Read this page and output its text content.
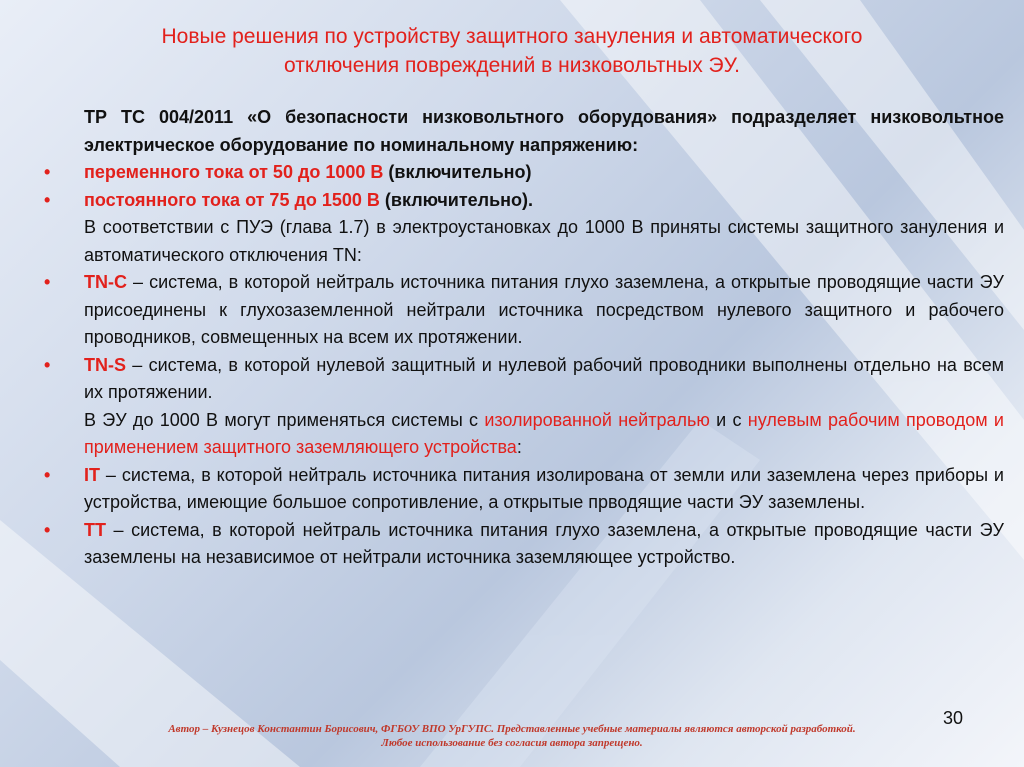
Новые решения по устройству защитного зануления и автоматического
отключения повреждений в низковольтных ЭУ.

ТР ТС 004/2011 «О безопасности низковольтного оборудования» подразделяет низковольтное электрическое оборудование по номинальному напряжению:

•	переменного тока от 50 до 1000 В (включительно)
•	постоянного тока от 75 до 1500 В (включительно).

В соответствии с ПУЭ (глава 1.7) в электроустановках до 1000 В приняты системы защитного зануления и автоматического отключения TN:

•	TN-C – система, в которой нейтраль источника питания глухо заземлена, а открытые проводящие части ЭУ присоединены к глухозаземленной нейтрали источника посредством нулевого защитного и рабочего проводников, совмещенных на всем их протяжении.
•	TN-S – система, в которой нулевой защитный и нулевой рабочий проводники выполнены отдельно на всем их протяжении.

В ЭУ до 1000 В могут применяться системы с изолированной нейтралью и с нулевым рабочим проводом и применением защитного заземляющего устройства:

•	IT – система, в которой нейтраль источника питания изолирована от земли или заземлена через приборы и устройства, имеющие большое сопротивление, а открытые прводящие части ЭУ заземлены.
•	TT – система, в которой нейтраль источника питания глухо заземлена, а открытые проводящие части ЭУ заземлены на независимое от нейтрали источника заземляющее устройство.
30
Автор – Кузнецов Константин Борисович, ФГБОУ ВПО УрГУПС. Представленные учебные материалы являются авторской разработкой.
Любое использование без согласия автора запрещено.
